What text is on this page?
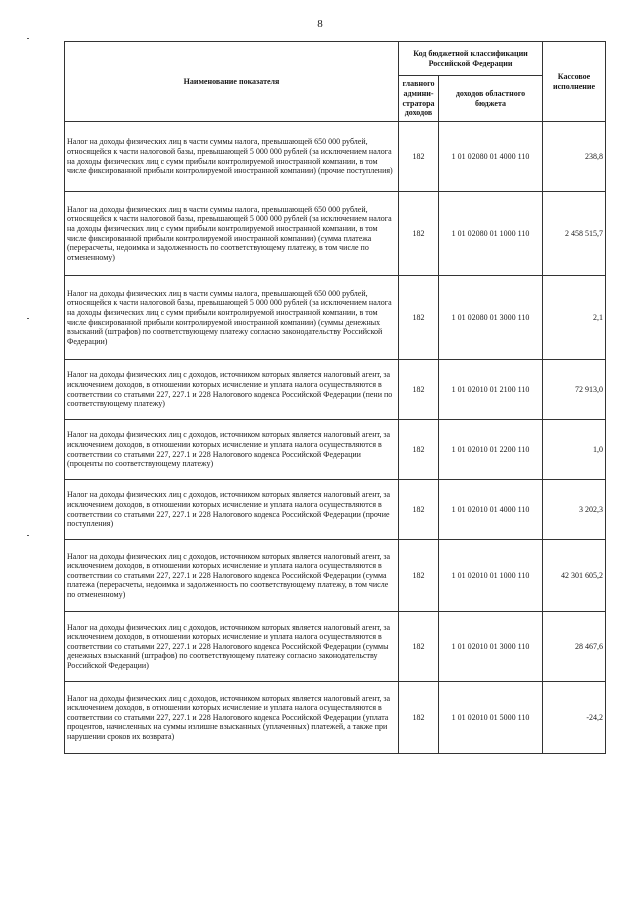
8
Наименование показателя	Код бюджетной классификации Российской Федерации		Кассовое исполнение
	главного админи-стратора доходов	доходов областного бюджета	
Налог на доходы физических лиц в части суммы налога, превышающей 650 000 рублей, относящейся к части налоговой базы, превышающей 5 000 000 рублей (за исключением налога на доходы физических лиц с сумм прибыли контролируемой иностранной компании, в том числе фиксированной прибыли контролируемой иностранной компании) (прочие поступления)	182	1 01 02080 01 4000 110	238,8
Налог на доходы физических лиц в части суммы налога, превышающей 650 000 рублей, относящейся к части налоговой базы, превышающей 5 000 000 рублей (за исключением налога на доходы физических лиц с сумм прибыли контролируемой иностранной компании, в том числе фиксированной прибыли контролируемой иностранной компании) (сумма платежа (перерасчеты, недоимка и задолженность по соответствующему платежу, в том числе по отмененному)	182	1 01 02080 01 1000 110	2 458 515,7
Налог на доходы физических лиц в части суммы налога, превышающей 650 000 рублей, относящейся к части налоговой базы, превышающей 5 000 000 рублей (за исключением налога на доходы физических лиц с сумм прибыли контролируемой иностранной компании, в том числе фиксированной прибыли контролируемой иностранной компании) (суммы денежных взысканий (штрафов) по соответствующему платежу согласно законодательству Российской Федерации)	182	1 01 02080 01 3000 110	2,1
Налог на доходы физических лиц с доходов, источником которых является налоговый агент, за исключением доходов, в отношении которых исчисление и уплата налога осуществляются в соответствии со статьями 227, 227.1 и 228 Налогового кодекса Российской Федерации (пени по соответствующему платежу)	182	1 01 02010 01 2100 110	72 913,0
Налог на доходы физических лиц с доходов, источником которых является налоговый агент, за исключением доходов, в отношении которых исчисление и уплата налога осуществляются в соответствии со статьями 227, 227.1 и 228 Налогового кодекса Российской Федерации (проценты по соответствующему платежу)	182	1 01 02010 01 2200 110	1,0
Налог на доходы физических лиц с доходов, источником которых является налоговый агент, за исключением доходов, в отношении которых исчисление и уплата налога осуществляются в соответствии со статьями 227, 227.1 и 228 Налогового кодекса Российской Федерации (прочие поступления)	182	1 01 02010 01 4000 110	3 202,3
Налог на доходы физических лиц с доходов, источником которых является налоговый агент, за исключением доходов, в отношении которых исчисление и уплата налога осуществляются в соответствии со статьями 227, 227.1 и 228 Налогового кодекса Российской Федерации (сумма платежа (перерасчеты, недоимка и задолженность по соответствующему платежу, в том числе по отмененному)	182	1 01 02010 01 1000 110	42 301 605,2
Налог на доходы физических лиц с доходов, источником которых является налоговый агент, за исключением доходов, в отношении которых исчисление и уплата налога осуществляются в соответствии со статьями 227, 227.1 и 228 Налогового кодекса Российской Федерации (суммы денежных взысканий (штрафов) по соответствующему платежу согласно законодательству Российской Федерации)	182	1 01 02010 01 3000 110	28 467,6
Налог на доходы физических лиц с доходов, источником которых является налоговый агент, за исключением доходов, в отношении которых исчисление и уплата налога осуществляются в соответствии со статьями 227, 227.1 и 228 Налогового кодекса Российской Федерации (уплата процентов, начисленных на суммы излишне взысканных (уплаченных) платежей, а также при нарушении сроков их возврата)	182	1 01 02010 01 5000 110	-24,2
